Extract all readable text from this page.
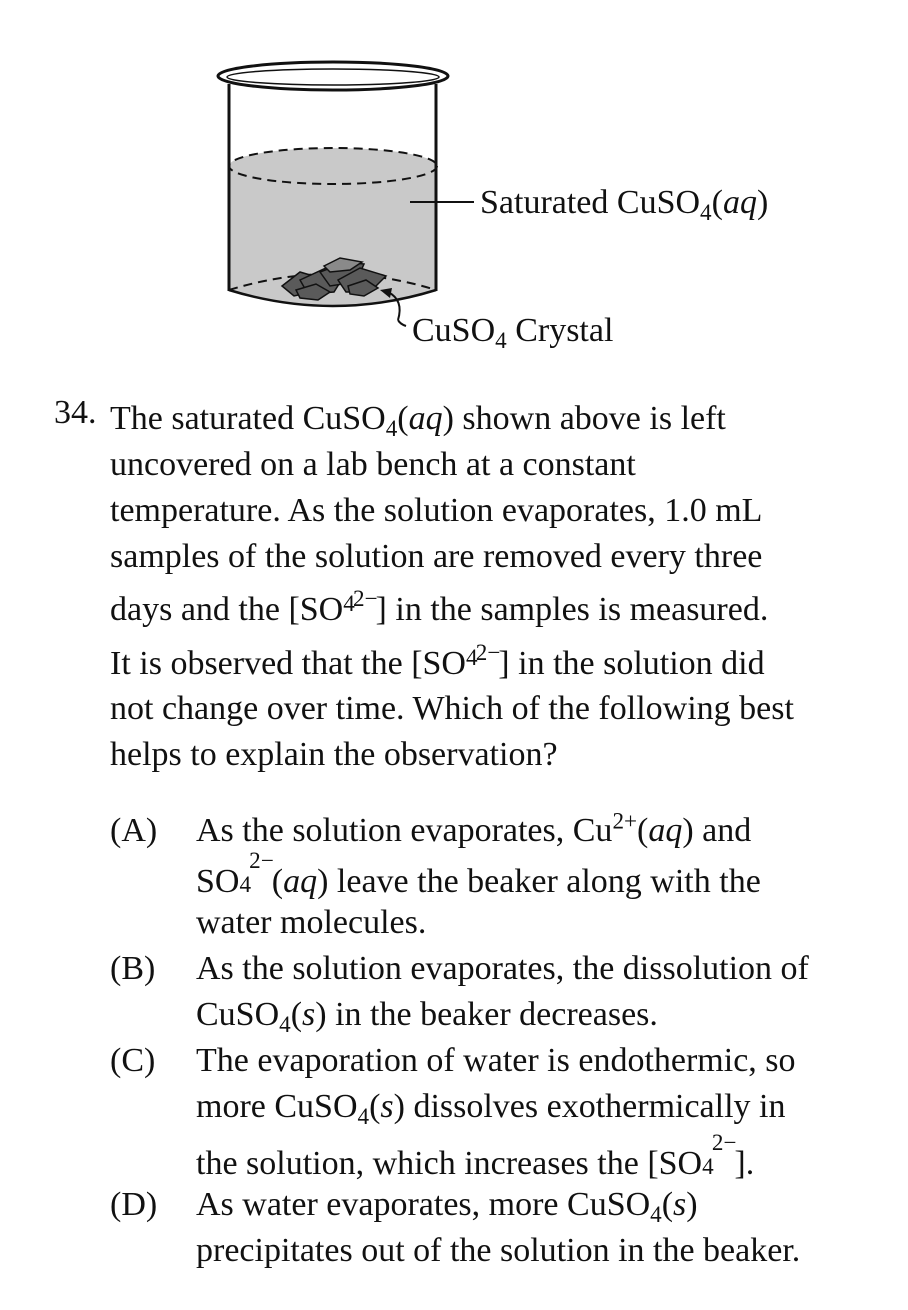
Saturated CuSO$_4$(aq)
CuSO$_4$ Crystal
34. The saturated CuSO$_4$(aq) shown above is left
uncovered on a lab bench at a constant
temperature. As the solution evaporates, 1.0 mL
samples of the solution are removed every three
days and the [SO 4
2−
] in the samples is measured.
It is observed that the [SO 4
2−
] in the solution did
not change over time. Which of the following best
helps to explain the observation?
(A) As the solution evaporates, $Cu^{2+}(aq)$ and
SO 4
2−
(aq) leave the beaker along with the
water molecules.
(B) As the solution evaporates, the dissolution of
CuSO$_4$(s) in the beaker decreases.
(C) The evaporation of water is endothermic, so
more CuSO$_4$(s) dissolves exothermically in
the solution, which increases the [SO 4
2−
].
(D) As water evaporates, more CuSO$_4$(s)
precipitates out of the solution in the beaker.
